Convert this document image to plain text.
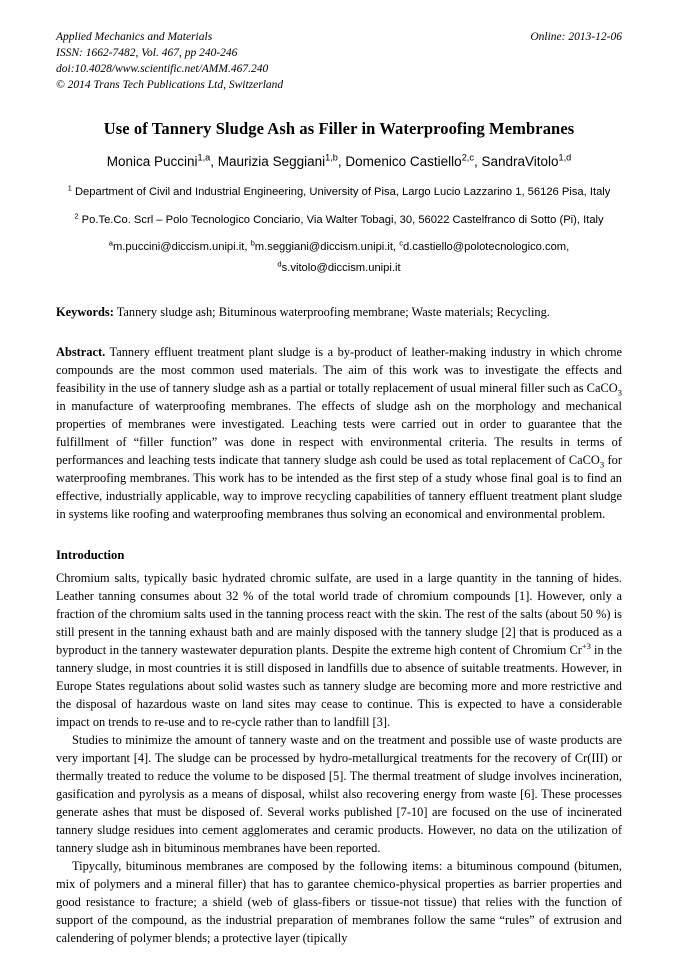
Applied Mechanics and Materials
ISSN: 1662-7482, Vol. 467, pp 240-246
doi:10.4028/www.scientific.net/AMM.467.240
© 2014 Trans Tech Publications Ltd, Switzerland
Online: 2013-12-06
Use of Tannery Sludge Ash as Filler in Waterproofing Membranes
Monica Puccini$^{1,a}$, Maurizia Seggiani$^{1,b}$, Domenico Castiello$^{2,c}$, SandraVitolo$^{1,d}$
$^1$ Department of Civil and Industrial Engineering, University of Pisa, Largo Lucio Lazzarino 1, 56126 Pisa, Italy
$^2$ Po.Te.Co. Scrl – Polo Tecnologico Conciario, Via Walter Tobagi, 30, 56022 Castelfranco di Sotto (Pi), Italy
$^a$m.puccini@diccism.unipi.it, $^b$m.seggiani@diccism.unipi.it, $^c$d.castiello@polotecnologico.com,
$^d$s.vitolo@diccism.unipi.it
Keywords: Tannery sludge ash; Bituminous waterproofing membrane; Waste materials; Recycling.
Abstract. Tannery effluent treatment plant sludge is a by-product of leather-making industry in which chrome compounds are the most common used materials. The aim of this work was to investigate the effects and feasibility in the use of tannery sludge ash as a partial or totally replacement of usual mineral filler such as CaCO$_3$ in manufacture of waterproofing membranes. The effects of sludge ash on the morphology and mechanical properties of membranes were investigated. Leaching tests were carried out in order to guarantee that the fulfillment of “filler function” was done in respect with environmental criteria. The results in terms of performances and leaching tests indicate that tannery sludge ash could be used as total replacement of CaCO$_3$ for waterproofing membranes. This work has to be intended as the first step of a study whose final goal is to find an effective, industrially applicable, way to improve recycling capabilities of tannery effluent treatment plant sludge in systems like roofing and waterproofing membranes thus solving an economical and environmental problem.
Introduction

Chromium salts, typically basic hydrated chromic sulfate, are used in a large quantity in the tanning of hides. Leather tanning consumes about 32 % of the total world trade of chromium compounds [1]. However, only a fraction of the chromium salts used in the tanning process react with the skin. The rest of the salts (about 50 %) is still present in the tanning exhaust bath and are mainly disposed with the tannery sludge [2] that is produced as a byproduct in the tannery wastewater depuration plants. Despite the extreme high content of Chromium $Cr^{+3}$ in the tannery sludge, in most countries it is still disposed in landfills due to absence of suitable treatments. However, in Europe States regulations about solid wastes such as tannery sludge are becoming more and more restrictive and the disposal of hazardous waste on land sites may cease to continue. This is expected to have a considerable impact on trends to re-use and to re-cycle rather than to landfill [3].

Studies to minimize the amount of tannery waste and on the treatment and possible use of waste products are very important [4]. The sludge can be processed by hydro-metallurgical treatments for the recovery of Cr(III) or thermally treated to reduce the volume to be disposed [5]. The thermal treatment of sludge involves incineration, gasification and pyrolysis as a means of disposal, whilst also recovering energy from waste [6]. These processes generate ashes that must be disposed of. Several works published [7-10] are focused on the use of incinerated tannery sludge residues into cement agglomerates and ceramic products. However, no data on the utilization of tannery sludge ash in bituminous membranes have been reported.

Tipycally, bituminous membranes are composed by the following items: a bituminous compound (bitumen, mix of polymers and a mineral filler) that has to garantee chemico-physical properties as barrier properties and good resistance to fracture; a shield (web of glass-fibers or tissue-not tissue) that relies with the function of support of the compound, as the industrial preparation of membranes follow the same “rules” of extrusion and calendering of polymer blends; a protective layer (tipically
